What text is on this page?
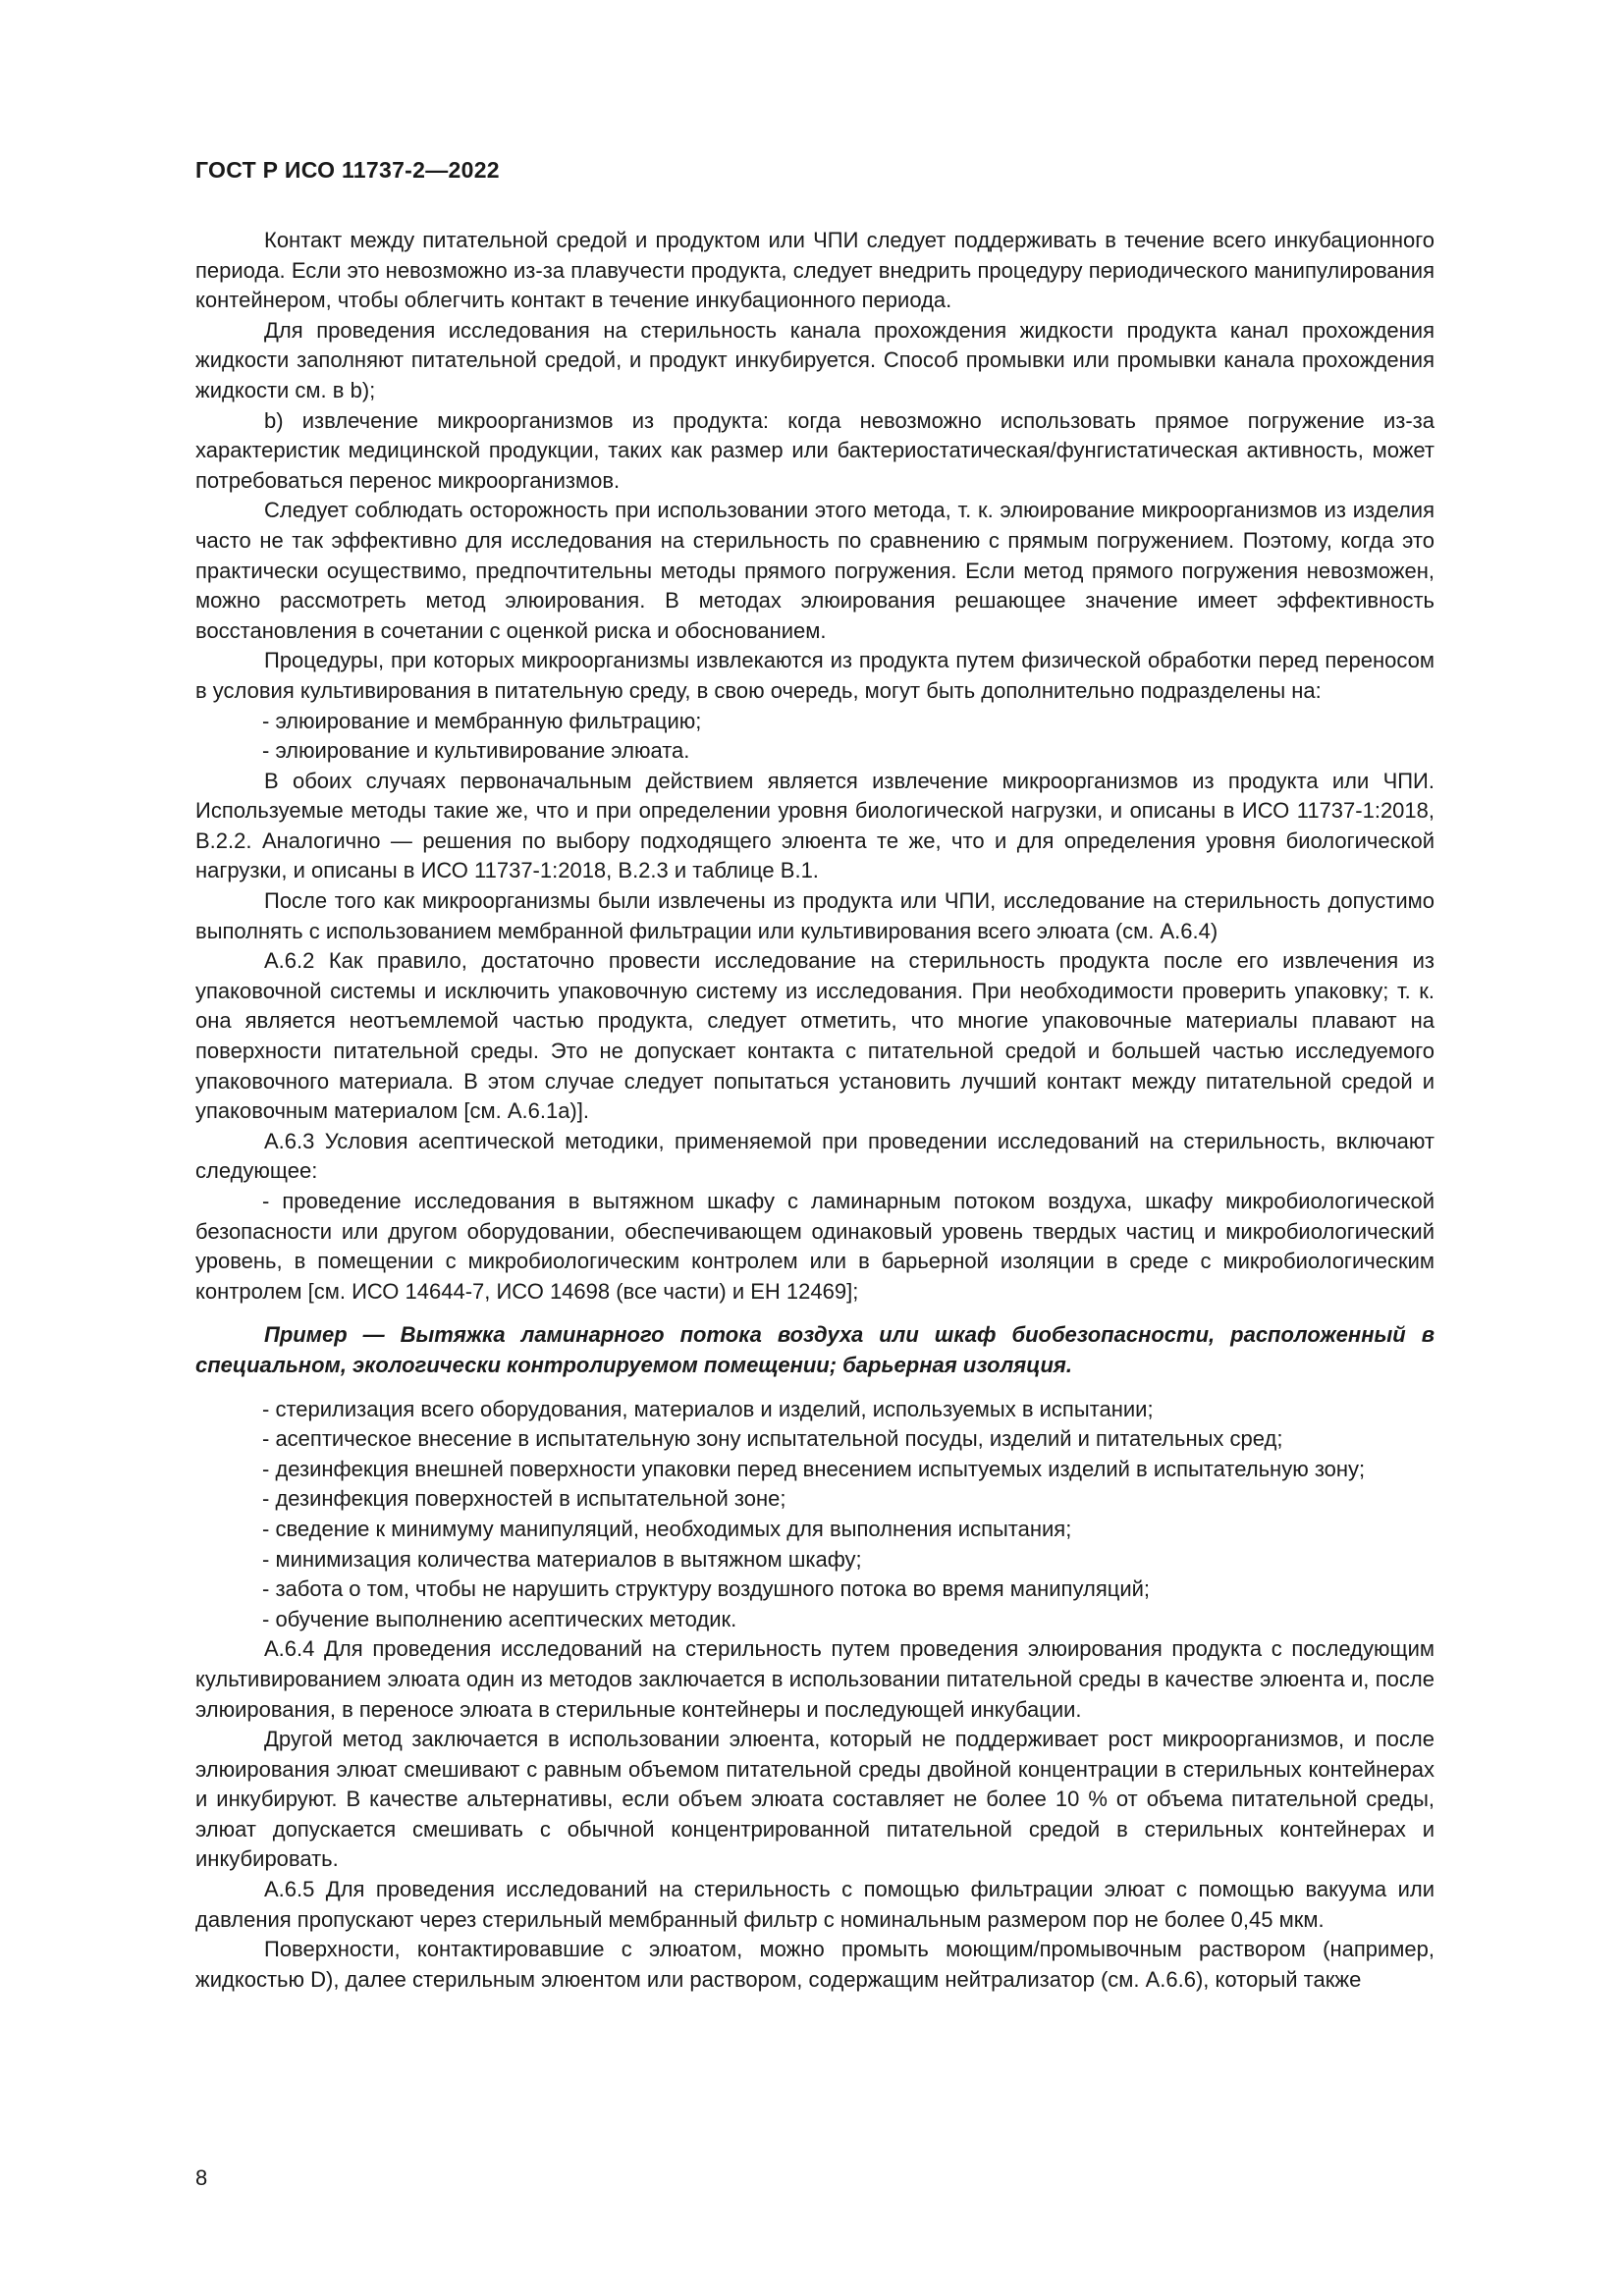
ГОСТ Р ИСО 11737-2—2022

Контакт между питательной средой и продуктом или ЧПИ следует поддерживать в течение всего инкубационного периода. Если это невозможно из-за плавучести продукта, следует внедрить процедуру периодического манипулирования контейнером, чтобы облегчить контакт в течение инкубационного периода.

Для проведения исследования на стерильность канала прохождения жидкости продукта канал прохождения жидкости заполняют питательной средой, и продукт инкубируется. Способ промывки или промывки канала прохождения жидкости см. в b);

b) извлечение микроорганизмов из продукта: когда невозможно использовать прямое погружение из-за характеристик медицинской продукции, таких как размер или бактериостатическая/фунгистатическая активность, может потребоваться перенос микроорганизмов.

Следует соблюдать осторожность при использовании этого метода, т. к. элюирование микроорганизмов из изделия часто не так эффективно для исследования на стерильность по сравнению с прямым погружением. Поэтому, когда это практически осуществимо, предпочтительны методы прямого погружения. Если метод прямого погружения невозможен, можно рассмотреть метод элюирования. В методах элюирования решающее значение имеет эффективность восстановления в сочетании с оценкой риска и обоснованием.

Процедуры, при которых микроорганизмы извлекаются из продукта путем физической обработки перед переносом в условия культивирования в питательную среду, в свою очередь, могут быть дополнительно подразделены на:

- элюирование и мембранную фильтрацию;

- элюирование и культивирование элюата.

В обоих случаях первоначальным действием является извлечение микроорганизмов из продукта или ЧПИ. Используемые методы такие же, что и при определении уровня биологической нагрузки, и описаны в ИСО 11737-1:2018, В.2.2. Аналогично — решения по выбору подходящего элюента те же, что и для определения уровня биологической нагрузки, и описаны в ИСО 11737-1:2018, В.2.3 и таблице В.1.

После того как микроорганизмы были извлечены из продукта или ЧПИ, исследование на стерильность допустимо выполнять с использованием мембранной фильтрации или культивирования всего элюата (см. А.6.4)

А.6.2 Как правило, достаточно провести исследование на стерильность продукта после его извлечения из упаковочной системы и исключить упаковочную систему из исследования. При необходимости проверить упаковку; т. к. она является неотъемлемой частью продукта, следует отметить, что многие упаковочные материалы плавают на поверхности питательной среды. Это не допускает контакта с питательной средой и большей частью исследуемого упаковочного материала. В этом случае следует попытаться установить лучший контакт между питательной средой и упаковочным материалом [см. А.6.1а)].

А.6.3 Условия асептической методики, применяемой при проведении исследований на стерильность, включают следующее:

- проведение исследования в вытяжном шкафу с ламинарным потоком воздуха, шкафу микробиологической безопасности или другом оборудовании, обеспечивающем одинаковый уровень твердых частиц и микробиологический уровень, в помещении с микробиологическим контролем или в барьерной изоляции в среде с микробиологическим контролем [см. ИСО 14644-7, ИСО 14698 (все части) и ЕН 12469];

Пример — Вытяжка ламинарного потока воздуха или шкаф биобезопасности, расположенный в специальном, экологически контролируемом помещении; барьерная изоляция.

- стерилизация всего оборудования, материалов и изделий, используемых в испытании;

- асептическое внесение в испытательную зону испытательной посуды, изделий и питательных сред;

- дезинфекция внешней поверхности упаковки перед внесением испытуемых изделий в испытательную зону;

- дезинфекция поверхностей в испытательной зоне;

- сведение к минимуму манипуляций, необходимых для выполнения испытания;

- минимизация количества материалов в вытяжном шкафу;

- забота о том, чтобы не нарушить структуру воздушного потока во время манипуляций;

- обучение выполнению асептических методик.

А.6.4 Для проведения исследований на стерильность путем проведения элюирования продукта с последующим культивированием элюата один из методов заключается в использовании питательной среды в качестве элюента и, после элюирования, в переносе элюата в стерильные контейнеры и последующей инкубации.

Другой метод заключается в использовании элюента, который не поддерживает рост микроорганизмов, и после элюирования элюат смешивают с равным объемом питательной среды двойной концентрации в стерильных контейнерах и инкубируют. В качестве альтернативы, если объем элюата составляет не более 10 % от объема питательной среды, элюат допускается смешивать с обычной концентрированной питательной средой в стерильных контейнерах и инкубировать.

А.6.5 Для проведения исследований на стерильность с помощью фильтрации элюат с помощью вакуума или давления пропускают через стерильный мембранный фильтр с номинальным размером пор не более 0,45 мкм.

Поверхности, контактировавшие с элюатом, можно промыть моющим/промывочным раствором (например, жидкостью D), далее стерильным элюентом или раствором, содержащим нейтрализатор (см. А.6.6), который также

8
